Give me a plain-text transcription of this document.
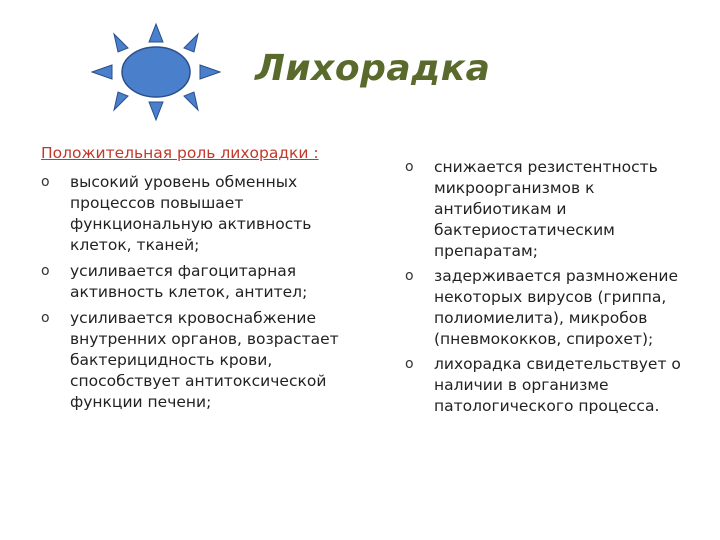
Лихорадка
Положительная роль лихорадки :
o высокий уровень обменных процессов повышает функциональную активность клеток, тканей;
o усиливается фагоцитарная активность клеток, антител;
o усиливается кровоснабжение внутренних органов, возрастает бактерицидность крови, способствует антитоксической функции печени;
o снижается резистентность микроорганизмов к антибиотикам и бактериостатическим препаратам;
o задерживается размножение некоторых вирусов (гриппа, полиомиелита), микробов (пневмококков, спирохет);
o лихорадка свидетельствует о наличии в организме патологического процесса.
